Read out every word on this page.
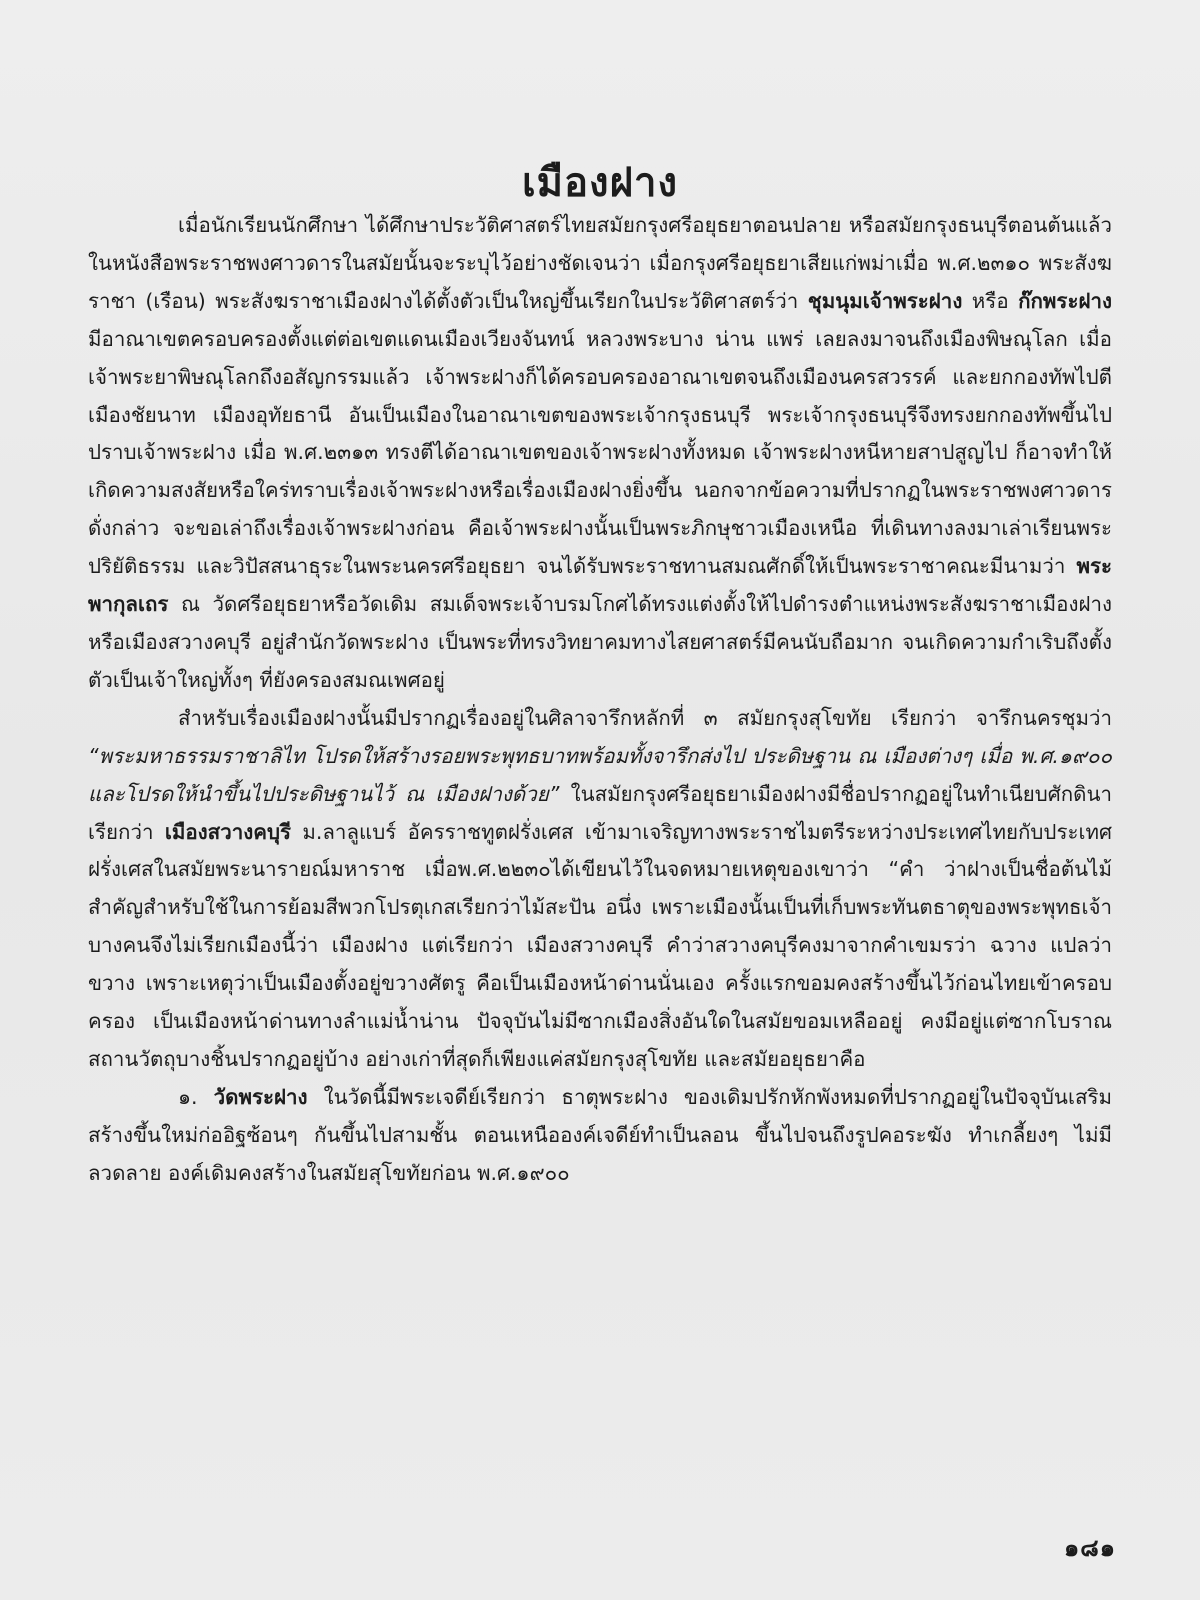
เมืองฝาง

เมื่อนักเรียนนักศึกษา ได้ศึกษาประวัติศาสตร์ไทยสมัยกรุงศรีอยุธยาตอนปลาย หรือสมัยกรุงธนบุรีตอนต้นแล้ว ในหนังสือพระราชพงศาวดารในสมัยนั้นจะระบุไว้อย่างชัดเจนว่า เมื่อกรุงศรีอยุธยาเสียแก่พม่าเมื่อ พ.ศ.๒๓๑๐ พระสังฆราชา (เรือน) พระสังฆราชาเมืองฝางได้ตั้งตัวเป็นใหญ่ขึ้นเรียกในประวัติศาสตร์ว่า ชุมนุมเจ้าพระฝาง หรือ ก๊กพระฝาง มีอาณาเขตครอบครองตั้งแต่ต่อเขตแดนเมืองเวียงจันทน์ หลวงพระบาง น่าน แพร่ เลยลงมาจนถึงเมืองพิษณุโลก เมื่อเจ้าพระยาพิษณุโลกถึงอสัญกรรมแล้ว เจ้าพระฝางก็ได้ครอบครองอาณาเขตจนถึงเมืองนครสวรรค์ และยกกองทัพไปตีเมืองชัยนาท เมืองอุทัยธานี อันเป็นเมืองในอาณาเขตของพระเจ้ากรุงธนบุรี พระเจ้ากรุงธนบุรีจึงทรงยกกองทัพขึ้นไปปราบเจ้าพระฝาง เมื่อ พ.ศ.๒๓๑๓ ทรงตีได้อาณาเขตของเจ้าพระฝางทั้งหมด เจ้าพระฝางหนีหายสาปสูญไป ก็อาจทำให้เกิดความสงสัยหรือใคร่ทราบเรื่องเจ้าพระฝางหรือเรื่องเมืองฝางยิ่งขึ้น นอกจากข้อความที่ปรากฏในพระราชพงศาวดารดั่งกล่าว จะขอเล่าถึงเรื่องเจ้าพระฝางก่อน คือเจ้าพระฝางนั้นเป็นพระภิกษุชาวเมืองเหนือ ที่เดินทางลงมาเล่าเรียนพระปริยัติธรรม และวิปัสสนาธุระในพระนครศรีอยุธยา จนได้รับพระราชทานสมณศักดิ์ให้เป็นพระราชาคณะมีนามว่า พระพากุลเถร ณ วัดศรีอยุธยาหรือวัดเดิม สมเด็จพระเจ้าบรมโกศได้ทรงแต่งตั้งให้ไปดำรงตำแหน่งพระสังฆราชาเมืองฝางหรือเมืองสวางคบุรี อยู่สำนักวัดพระฝาง เป็นพระที่ทรงวิทยาคมทางไสยศาสตร์มีคนนับถือมาก จนเกิดความกำเริบถึงตั้งตัวเป็นเจ้าใหญ่ทั้งๆ ที่ยังครองสมณเพศอยู่

สำหรับเรื่องเมืองฝางนั้นมีปรากฏเรื่องอยู่ในศิลาจารึกหลักที่ ๓ สมัยกรุงสุโขทัย เรียกว่า จารึกนครชุมว่า “พระมหาธรรมราชาลิไท โปรดให้สร้างรอยพระพุทธบาทพร้อมทั้งจารึกส่งไป ประดิษฐาน ณ เมืองต่างๆ เมื่อ พ.ศ.๑๙๐๐ และโปรดให้นำขึ้นไปประดิษฐานไว้ ณ เมืองฝางด้วย” ในสมัยกรุงศรีอยุธยาเมืองฝางมีชื่อปรากฏอยู่ในทำเนียบศักดินาเรียกว่า เมืองสวางคบุรี ม.ลาลูแบร์ อัครราชทูตฝรั่งเศส เข้ามาเจริญทางพระราชไมตรีระหว่างประเทศไทยกับประเทศฝรั่งเศสในสมัยพระนารายณ์มหาราช เมื่อพ.ศ.๒๒๓๐ได้เขียนไว้ในจดหมายเหตุของเขาว่า “คำ ว่าฝางเป็นชื่อต้นไม้สำคัญสำหรับใช้ในการย้อมสีพวกโปรตุเกสเรียกว่าไม้สะปัน อนึ่ง เพราะเมืองนั้นเป็นที่เก็บพระทันตธาตุของพระพุทธเจ้า บางคนจึงไม่เรียกเมืองนี้ว่า เมืองฝาง แต่เรียกว่า เมืองสวางคบุรี คำว่าสวางคบุรีคงมาจากคำเขมรว่า ฉวาง แปลว่าขวาง เพราะเหตุว่าเป็นเมืองตั้งอยู่ขวางศัตรู คือเป็นเมืองหน้าด่านนั่นเอง ครั้งแรกขอมคงสร้างขึ้นไว้ก่อนไทยเข้าครอบครอง เป็นเมืองหน้าด่านทางลำแม่น้ำน่าน ปัจจุบันไม่มีซากเมืองสิ่งอันใดในสมัยขอมเหลืออยู่ คงมีอยู่แต่ซากโบราณสถานวัตถุบางชิ้นปรากฏอยู่บ้าง อย่างเก่าที่สุดก็เพียงแค่สมัยกรุงสุโขทัย และสมัยอยุธยาคือ

๑. วัดพระฝาง ในวัดนี้มีพระเจดีย์เรียกว่า ธาตุพระฝาง ของเดิมปรักหักพังหมดที่ปรากฏอยู่ในปัจจุบันเสริมสร้างขึ้นใหม่ก่ออิฐซ้อนๆ กันขึ้นไปสามชั้น ตอนเหนือองค์เจดีย์ทำเป็นลอน ขึ้นไปจนถึงรูปคอระฆัง ทำเกลี้ยงๆ ไม่มีลวดลาย องค์เดิมคงสร้างในสมัยสุโขทัยก่อน พ.ศ.๑๙๐๐

๑๘๑
